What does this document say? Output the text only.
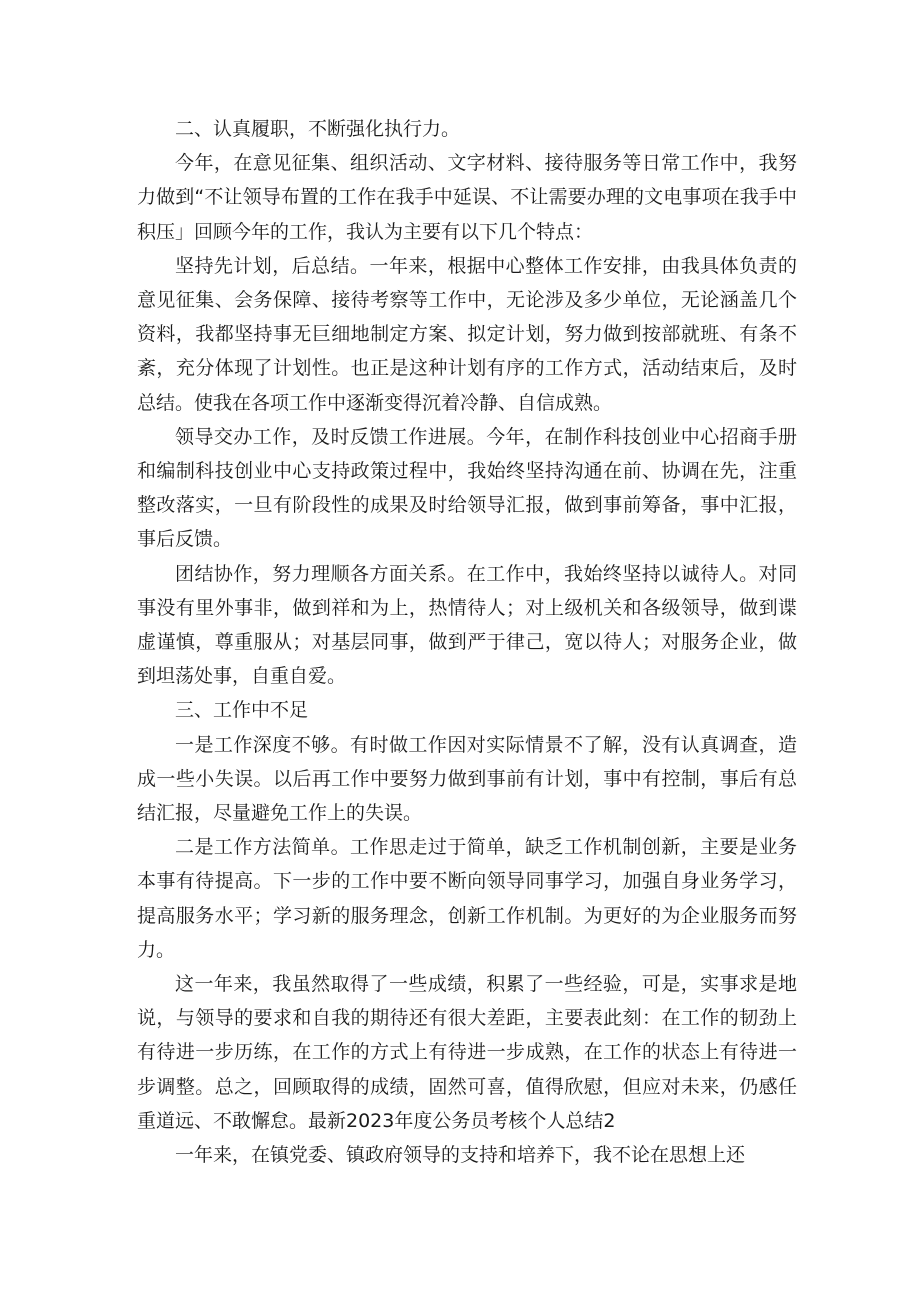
二、认真履职，不断强化执行力。

今年，在意见征集、组织活动、文字材料、接待服务等日常工作中，我努力做到“不让领导布置的工作在我手中延误、不让需要办理的文电事项在我手中积压」回顾今年的工作，我认为主要有以下几个特点：

坚持先计划，后总结。一年来，根据中心整体工作安排，由我具体负责的意见征集、会务保障、接待考察等工作中，无论涉及多少单位，无论涵盖几个资料，我都坚持事无巨细地制定方案、拟定计划，努力做到按部就班、有条不紊，充分体现了计划性。也正是这种计划有序的工作方式，活动结束后，及时总结。使我在各项工作中逐渐变得沉着冷静、自信成熟。

领导交办工作，及时反馈工作进展。今年，在制作科技创业中心招商手册和编制科技创业中心支持政策过程中，我始终坚持沟通在前、协调在先，注重整改落实，一旦有阶段性的成果及时给领导汇报，做到事前筹备，事中汇报，事后反馈。

团结协作，努力理顺各方面关系。在工作中，我始终坚持以诚待人。对同事没有里外事非，做到祥和为上，热情待人；对上级机关和各级领导，做到谍虚谨慎，尊重服从；对基层同事，做到严于律己，宽以待人；对服务企业，做到坦荡处事，自重自爱。

三、工作中不足

一是工作深度不够。有时做工作因对实际情景不了解，没有认真调查，造成一些小失误。以后再工作中要努力做到事前有计划，事中有控制，事后有总结汇报，尽量避免工作上的失误。

二是工作方法简单。工作思走过于简单，缺乏工作机制创新，主要是业务本事有待提高。下一步的工作中要不断向领导同事学习，加强自身业务学习，提高服务水平；学习新的服务理念，创新工作机制。为更好的为企业服务而努力。

这一年来，我虽然取得了一些成绩，积累了一些经验，可是，实事求是地说，与领导的要求和自我的期待还有很大差距，主要表此刻：在工作的韧劲上有待进一步历练，在工作的方式上有待进一步成熟，在工作的状态上有待进一步调整。总之，回顾取得的成绩，固然可喜，值得欣慰，但应对未来，仍感任重道远、不敢懈怠。最新2023年度公务员考核个人总结2

一年来，在镇党委、镇政府领导的支持和培养下，我不论在思想上还
